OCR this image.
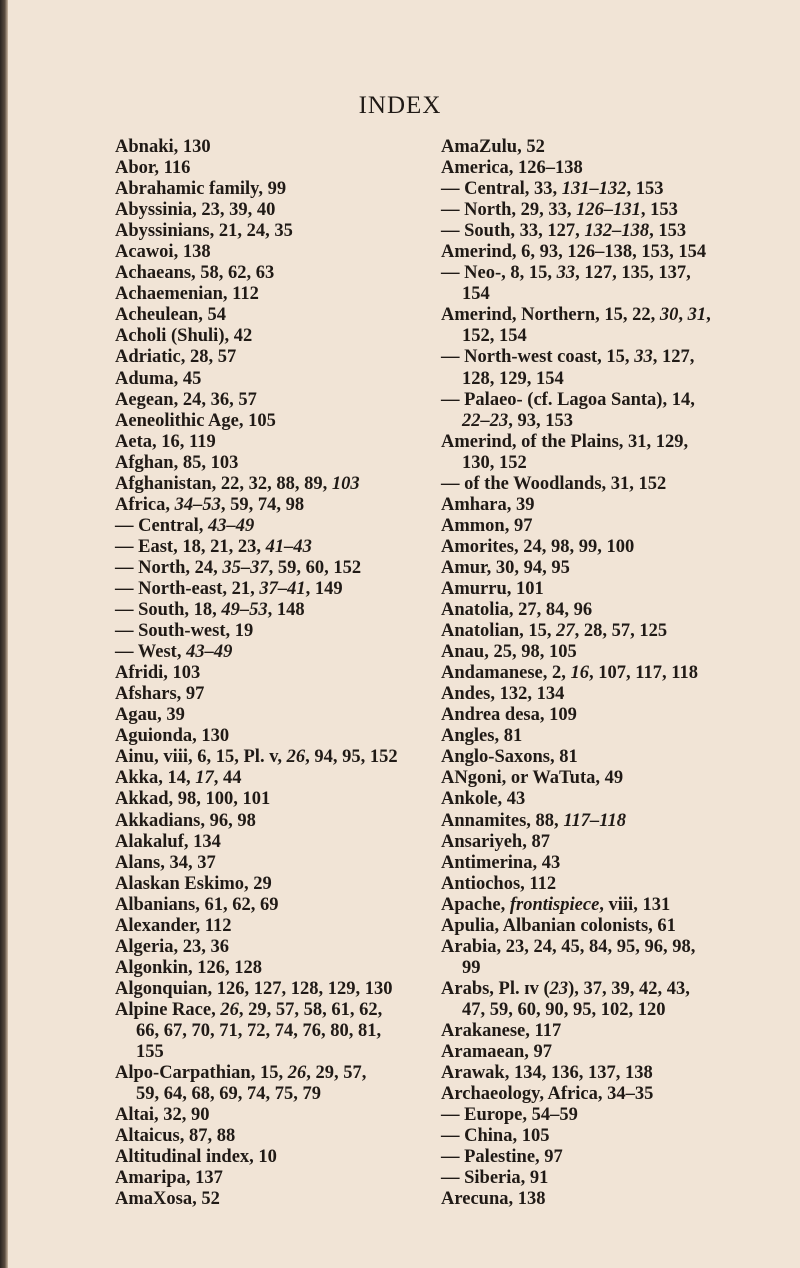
INDEX
Abnaki, 130
Abor, 116
Abrahamic family, 99
Abyssinia, 23, 39, 40
Abyssinians, 21, 24, 35
Acawoi, 138
Achaeans, 58, 62, 63
Achaemenian, 112
Acheulean, 54
Acholi (Shuli), 42
Adriatic, 28, 57
Aduma, 45
Aegean, 24, 36, 57
Aeneolithic Age, 105
Aeta, 16, 119
Afghan, 85, 103
Afghanistan, 22, 32, 88, 89, 103
Africa, 34–53, 59, 74, 98
— Central, 43–49
— East, 18, 21, 23, 41–43
— North, 24, 35–37, 59, 60, 152
— North-east, 21, 37–41, 149
— South, 18, 49–53, 148
— South-west, 19
— West, 43–49
Afridi, 103
Afshars, 97
Agau, 39
Aguionda, 130
Ainu, viii, 6, 15, Pl. v, 26, 94, 95, 152
Akka, 14, 17, 44
Akkad, 98, 100, 101
Akkadians, 96, 98
Alakaluf, 134
Alans, 34, 37
Alaskan Eskimo, 29
Albanians, 61, 62, 69
Alexander, 112
Algeria, 23, 36
Algonkin, 126, 128
Algonquian, 126, 127, 128, 129, 130
Alpine Race, 26, 29, 57, 58, 61, 62,
66, 67, 70, 71, 72, 74, 76, 80, 81,
155
Alpo-Carpathian, 15, 26, 29, 57,
59, 64, 68, 69, 74, 75, 79
Altai, 32, 90
Altaicus, 87, 88
Altitudinal index, 10
Amaripa, 137
AmaXosa, 52
AmaZulu, 52
America, 126–138
— Central, 33, 131–132, 153
— North, 29, 33, 126–131, 153
— South, 33, 127, 132–138, 153
Amerind, 6, 93, 126–138, 153, 154
— Neo-, 8, 15, 33, 127, 135, 137,
154
Amerind, Northern, 15, 22, 30, 31,
152, 154
— North-west coast, 15, 33, 127,
128, 129, 154
— Palaeo- (cf. Lagoa Santa), 14,
22–23, 93, 153
Amerind, of the Plains, 31, 129,
130, 152
— of the Woodlands, 31, 152
Amhara, 39
Ammon, 97
Amorites, 24, 98, 99, 100
Amur, 30, 94, 95
Amurru, 101
Anatolia, 27, 84, 96
Anatolian, 15, 27, 28, 57, 125
Anau, 25, 98, 105
Andamanese, 2, 16, 107, 117, 118
Andes, 132, 134
Andrea desa, 109
Angles, 81
Anglo-Saxons, 81
ANgoni, or WaTuta, 49
Ankole, 43
Annamites, 88, 117–118
Ansariyeh, 87
Antimerina, 43
Antiochos, 112
Apache, frontispiece, viii, 131
Apulia, Albanian colonists, 61
Arabia, 23, 24, 45, 84, 95, 96, 98,
99
Arabs, Pl. ɪv (23), 37, 39, 42, 43,
47, 59, 60, 90, 95, 102, 120
Arakanese, 117
Aramaean, 97
Arawak, 134, 136, 137, 138
Archaeology, Africa, 34–35
— Europe, 54–59
— China, 105
— Palestine, 97
— Siberia, 91
Arecuna, 138
